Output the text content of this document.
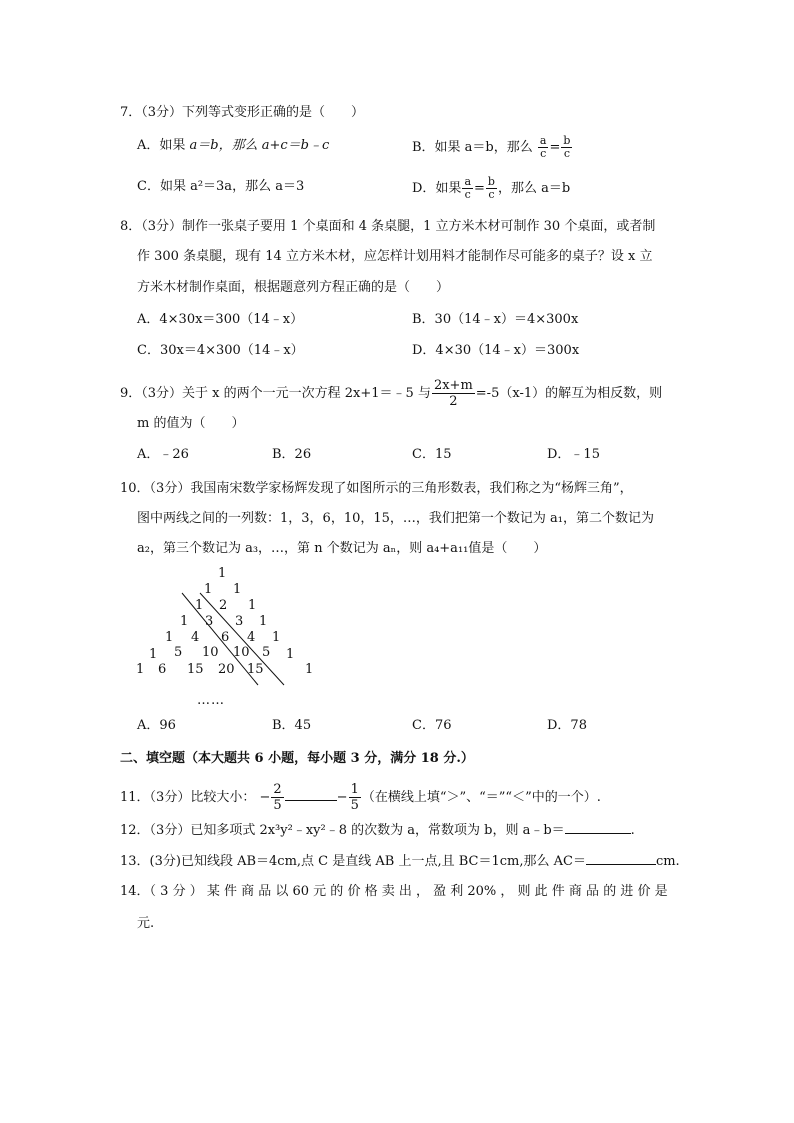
7．（3分）下列等式变形正确的是（　　）
A．如果 a＝b，那么 a+c＝b﹣c	B．如果 a＝b，那么 $\frac{a}{c} = \frac{b}{c}$
C．如果 a²＝3a，那么 a＝3	D．如果 $\frac{a}{c} = \frac{b}{c}$ ，那么 a＝b
8．（3分）制作一张桌子要用 1 个桌面和 4 条桌腿，1 立方米木材可制作 30 个桌面，或者制
作 300 条桌腿，现有 14 立方米木材，应怎样计划用料才能制作尽可能多的桌子？设 x 立
方米木材制作桌面，根据题意列方程正确的是（　　）
A．4×30x＝300（14﹣x）	B．30（14﹣x）＝4×300x
C．30x＝4×300（14﹣x）	D．4×30（14﹣x）＝300x
9．（3分）关于 x 的两个一元一次方程 2x+1＝﹣5 与 $\frac{2x+m}{2} =-5(x-1)$的解互为相反数，则
m 的值为（　　）
A．﹣26	B．26	C．15	D．﹣15
10．（3分）我国南宋数学家杨辉发现了如图所示的三角形数表，我们称之为“杨辉三角”，
图中两线之间的一列数：1，3，6，10，15，…，我们把第一个数记为 a₁，第二个数记为
a₂，第三个数记为 a₃，…，第 n 个数记为 aₙ，则 a₄+a₁₁值是（　　）
1
1 1
1 2 1
1 3 3 1
1 4 6 4 1
1 5 10 10 5 1
1 6 15 20 15	1
……
A．96	B．45	C．76	D．78
二、填空题（本大题共 6 小题，每小题 3 分，满分 18 分.）
11．（3分）比较大小： − $\frac{2}{5}$	− $\frac{1}{5}$ （在横线上填“＞”、“＝”“＜”中的一个）.
12．（3分）已知多项式 2x³y²﹣xy²﹣8 的次数为 a，常数项为 b，则 a﹣b＝	.
13．(3分)已知线段 AB＝4cm,点 C 是直线 AB 上一点,且 BC＝1cm,那么 AC＝	cm.
14．（ 3 分 ） 某 件 商 品 以 60 元 的 价 格 卖 出 ， 盈 利 20% ， 则 此 件 商 品 的 进 价 是
元.
